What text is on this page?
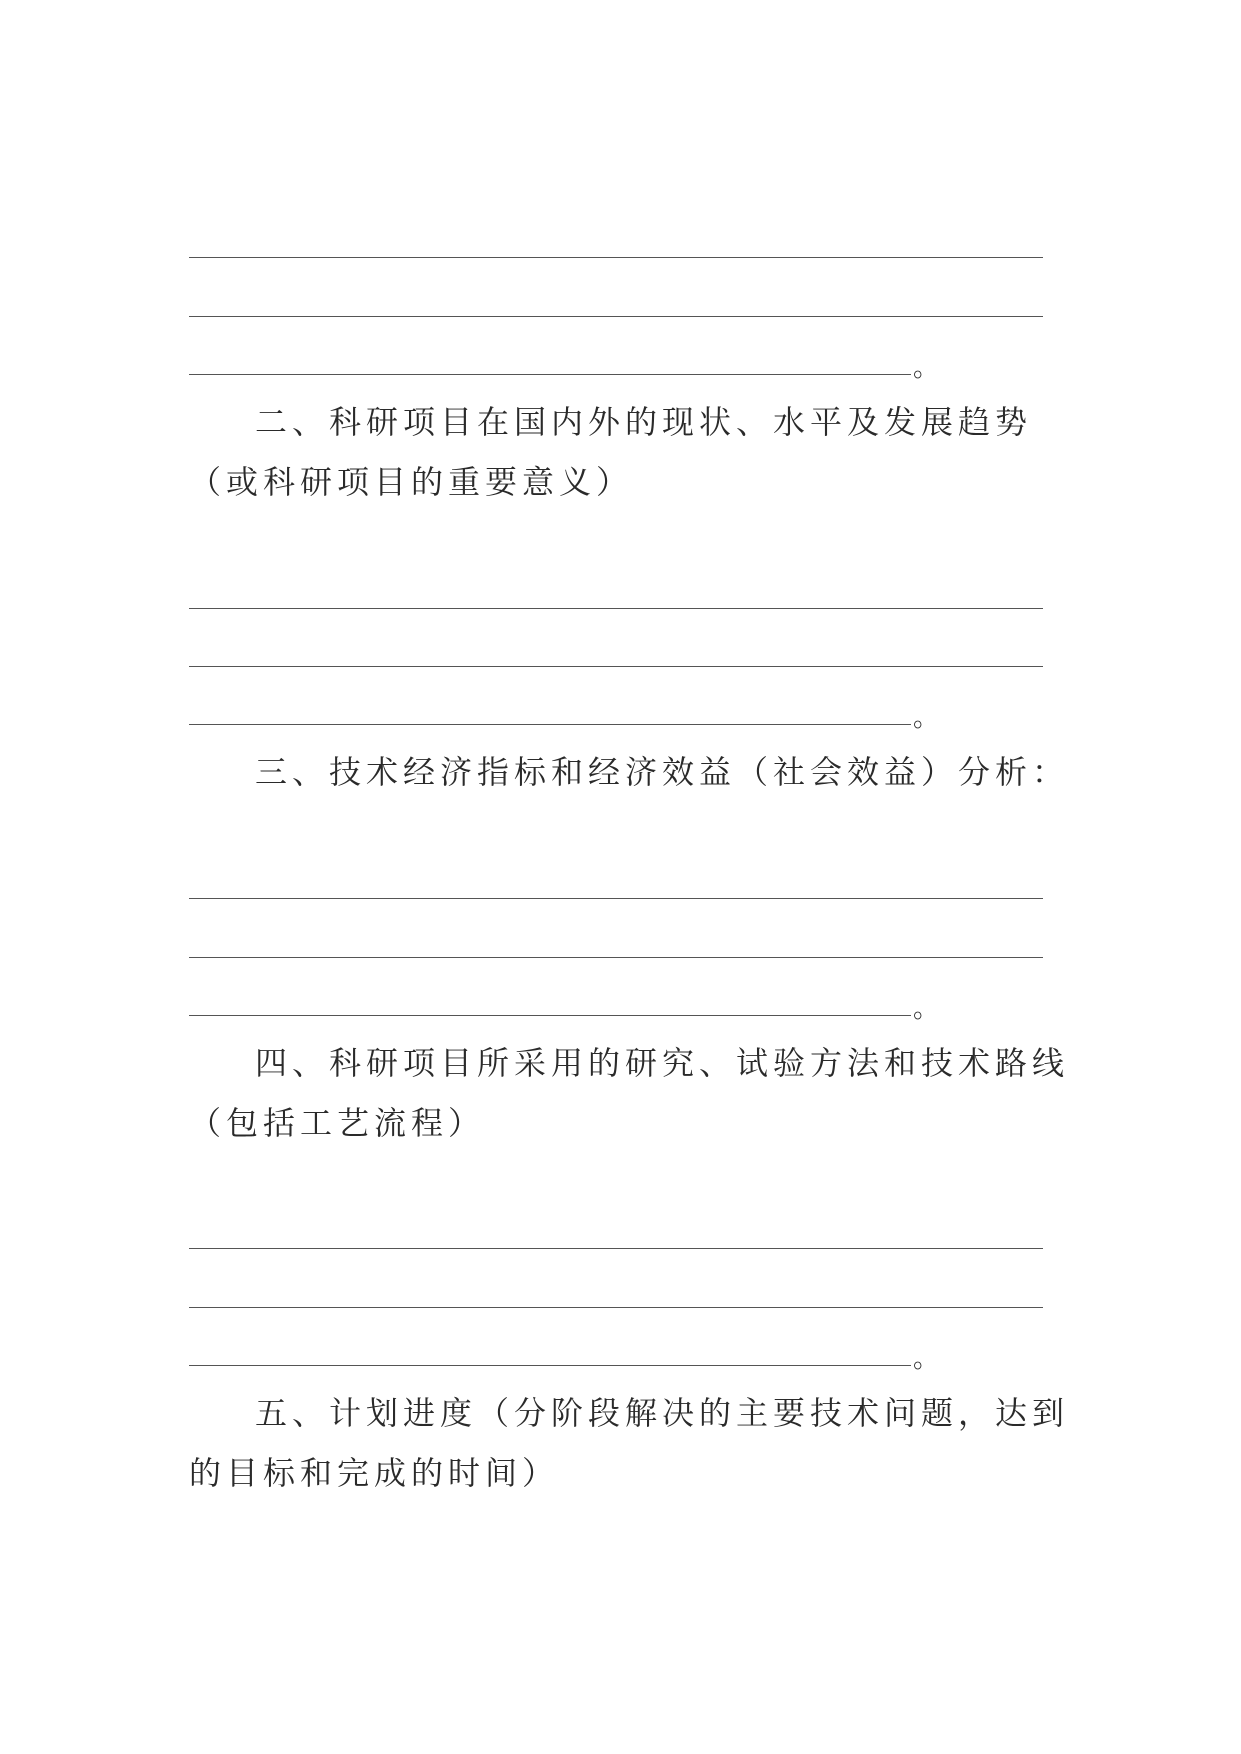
。
二、科研项目在国内外的现状、水平及发展趋势（或科研项目的重要意义）
。
三、技术经济指标和经济效益（社会效益）分析：
。
四、科研项目所采用的研究、试验方法和技术路线（包括工艺流程）
。
五、计划进度（分阶段解决的主要技术问题，达到的目标和完成的时间）
